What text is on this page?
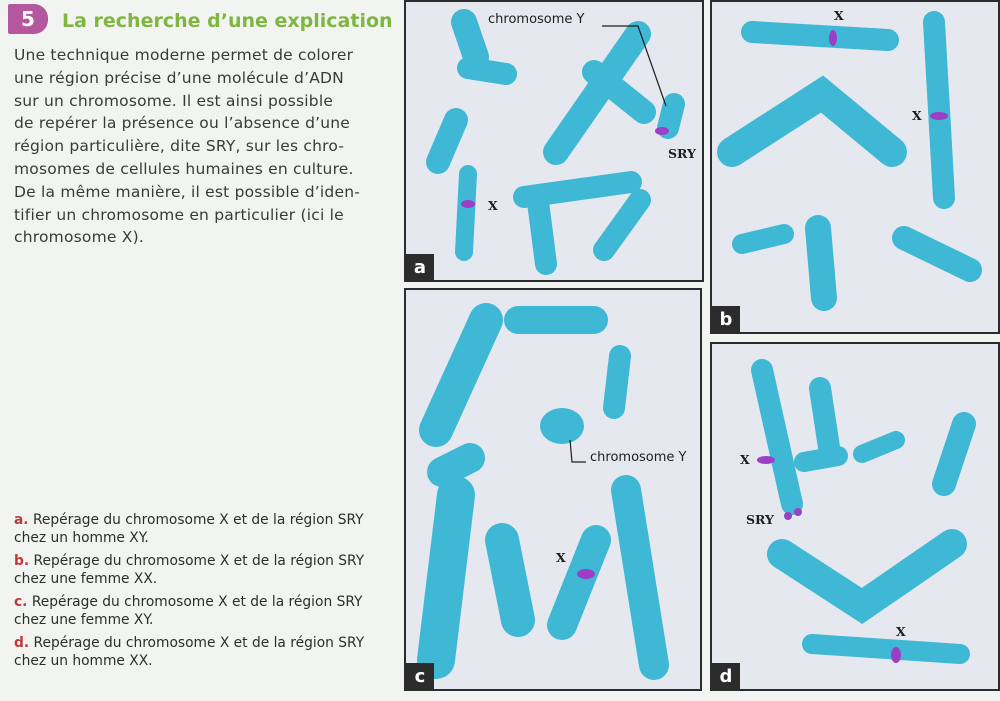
5	La recherche d’une explication
Une technique moderne permet de colorer
une région précise d’une molécule d’ADN
sur un chromosome. Il est ainsi possible
de repérer la présence ou l’absence d’une
région particulière, dite SRY, sur les chro-
mosomes de cellules humaines en culture.
De la même manière, il est possible d’iden-
tifier un chromosome en particulier (ici le
chromosome X).
a. Repérage du chromosome X et de la région SRY
chez un homme XY.
b. Repérage du chromosome X et de la région SRY
chez une femme XX.
c. Repérage du chromosome X et de la région SRY
chez une femme XY.
d. Repérage du chromosome X et de la région SRY
chez un homme XX.
chromosome Y
SRY
X
a
X
X
b
chromosome Y
X
c
X
SRY
X
d
